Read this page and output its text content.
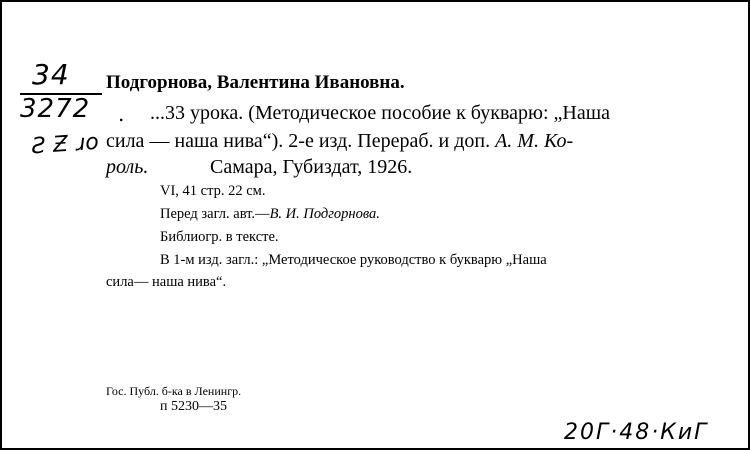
34
3272
Ƨ Ƶ ɹo
Подгорнова, Валентина Ивановна.
. ...33 урока. (Методическое пособие к букварю: „Наша
сила — наша нива“). 2-е изд. Перераб. и доп. А. М. Ко-
роль.	Самара, Губиздат, 1926.
VI, 41 стр. 22 см.
Перед загл. авт.—В. И. Подгорнова.
Библиогр. в тексте.
В 1-м изд. загл.: „Методическое руководство к букварю „Наша
сила— наша нива“.
Гос. Публ. б-ка в Ленингр.
п 5230—35
20Г·48·КиГ
